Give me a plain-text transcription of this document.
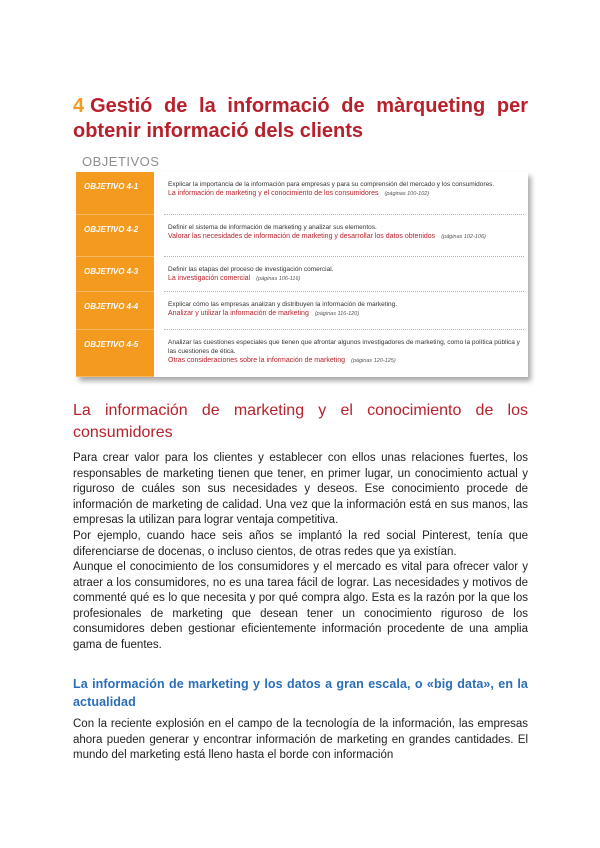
4 Gestió de la informació de màrqueting per obtenir informació dels clients
OBJETIVOS
OBJETIVO 4-1	Explicar la importancia de la información para empresas y para su comprensión del mercado y los consumidores.
La información de marketing y el conocimiento de los consumidores (páginas 100-102)
OBJETIVO 4-2	Definir el sistema de información de marketing y analizar sus elementos.
Valorar las necesidades de información de marketing y desarrollar los datos obtenidos (páginas 102-106)
OBJETIVO 4-3	Definir las etapas del proceso de investigación comercial.
La investigación comercial (páginas 106-116)
OBJETIVO 4-4	Explicar cómo las empresas analizan y distribuyen la información de marketing.
Analizar y utilizar la información de marketing (páginas 116-120)
OBJETIVO 4-5	Analizar las cuestiones especiales que tienen que afrontar algunos investigadores de marketing, como la política pública y las cuestiones de ética.
Otras consideraciones sobre la información de marketing (páginas 120-125)
La información de marketing y el conocimiento de los consumidores

Para crear valor para los clientes y establecer con ellos unas relaciones fuertes, los responsables de marketing tienen que tener, en primer lugar, un conocimiento actual y riguroso de cuáles son sus necesidades y deseos. Ese conocimiento procede de información de marketing de calidad. Una vez que la información está en sus manos, las empresas la utilizan para lograr ventaja competitiva.

Por ejemplo, cuando hace seis años se implantó la red social Pinterest, tenía que diferenciarse de docenas, o incluso cientos, de otras redes que ya existían.

Aunque el conocimiento de los consumidores y el mercado es vital para ofrecer valor y atraer a los consumidores, no es una tarea fácil de lograr. Las necesidades y motivos de commenté qué es lo que necesita y por qué compra algo. Esta es la razón por la que los profesionales de marketing que desean tener un conocimiento riguroso de los consumidores deben gestionar eficientemente información procedente de una amplia gama de fuentes.

La información de marketing y los datos a gran escala, o «big data», en la actualidad

Con la reciente explosión en el campo de la tecnología de la información, las empresas ahora pueden generar y encontrar información de marketing en grandes cantidades. El mundo del marketing está lleno hasta el borde con información
